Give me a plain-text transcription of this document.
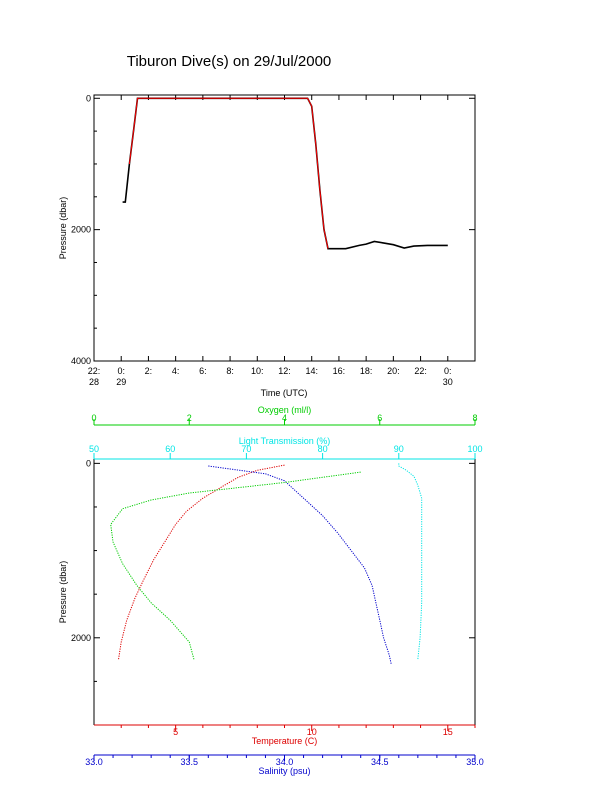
Tiburon Dive(s) on 29/Jul/2000
22:
28
0:
29
2: 4: 6: 8: 10: 12: 14: 16: 18: 20: 22: 0:
30
0
2000
4000
Time (UTC)
Pressure (dbar)
0
2000
Pressure (dbar)
0	2	4	6	8
Oxygen (ml/l)
50	60	70	80	90	100
Light Transmission (%)
5	10	15
Temperature (C)
33.0	33.5	34.0	34.5	35.0
Salinity (psu)
